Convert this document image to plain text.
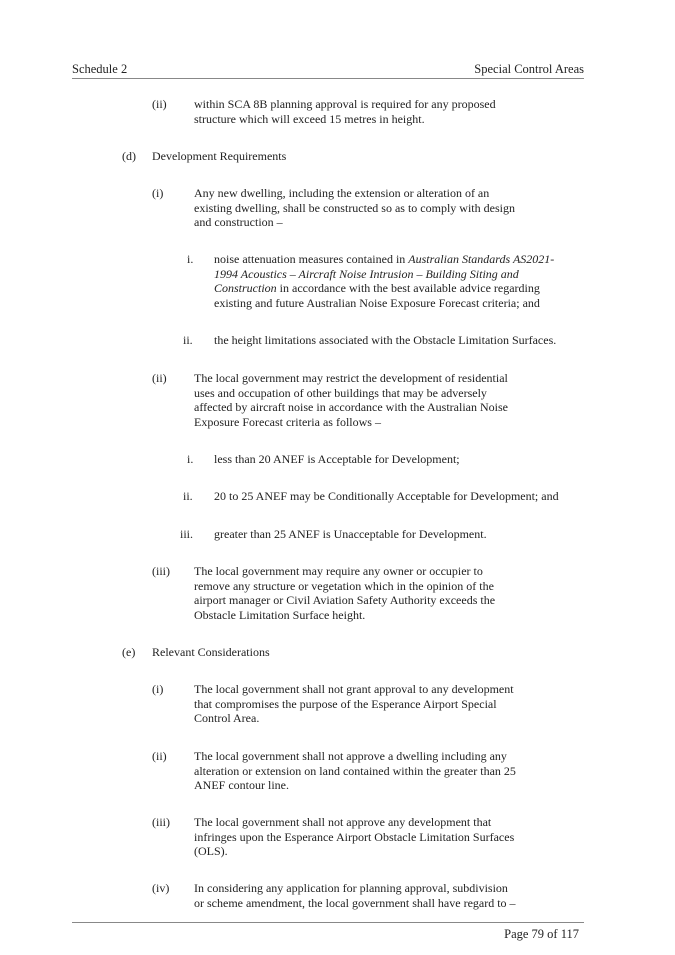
Schedule 2	Special Control Areas
(ii) within SCA 8B planning approval is required for any proposed
structure which will exceed 15 metres in height.
(d) Development Requirements
(i)	Any new dwelling, including the extension or alteration of an
existing dwelling, shall be constructed so as to comply with design
and construction –
i. noise attenuation measures contained in Australian Standards AS2021-
1994 Acoustics – Aircraft Noise Intrusion – Building Siting and
Construction in accordance with the best available advice regarding
existing and future Australian Noise Exposure Forecast criteria; and
ii. the height limitations associated with the Obstacle Limitation Surfaces.
(ii) The local government may restrict the development of residential
uses and occupation of other buildings that may be adversely
affected by aircraft noise in accordance with the Australian Noise
Exposure Forecast criteria as follows –
i. less than 20 ANEF is Acceptable for Development;
ii. 20 to 25 ANEF may be Conditionally Acceptable for Development; and
iii. greater than 25 ANEF is Unacceptable for Development.
(iii) The local government may require any owner or occupier to
remove any structure or vegetation which in the opinion of the
airport manager or Civil Aviation Safety Authority exceeds the
Obstacle Limitation Surface height.
(e) Relevant Considerations
(i)	The local government shall not grant approval to any development
that compromises the purpose of the Esperance Airport Special
Control Area.
(ii) The local government shall not approve a dwelling including any
alteration or extension on land contained within the greater than 25
ANEF contour line.
(iii) The local government shall not approve any development that
infringes upon the Esperance Airport Obstacle Limitation Surfaces
(OLS).
(iv) In considering any application for planning approval, subdivision
or scheme amendment, the local government shall have regard to –
Page 79 of 117
